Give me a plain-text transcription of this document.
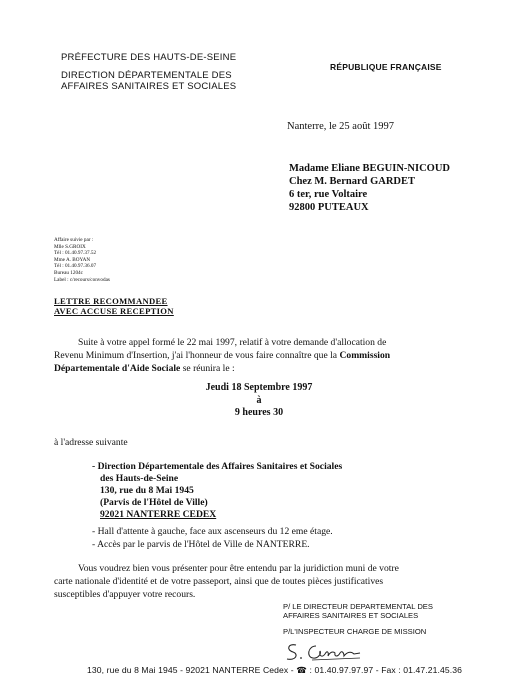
PRÉFECTURE DES HAUTS-DE-SEINE
DIRECTION DÉPARTEMENTALE DES
AFFAIRES SANITAIRES ET SOCIALES
RÉPUBLIQUE FRANÇAISE
Nanterre, le 25 août 1997
Madame Eliane BEGUIN-NICOUD
Chez M. Bernard GARDET
6 ter, rue Voltaire
92800 PUTEAUX
Affaire suivie par :
Mlle S.GROIX
Tél : 01.40.97.37.52
Mme A. BOYAN
Tél : 01.40.97.36.07
Bureau 1204c
Label : c/recours/convodas
LETTRE RECOMMANDEE
AVEC ACCUSE RECEPTION
Suite à votre appel formé le 22 mai 1997, relatif à votre demande d'allocation de
Revenu Minimum d'Insertion, j'ai l'honneur de vous faire connaître que la Commission
Départementale d'Aide Sociale se réunira le :
Jeudi 18 Septembre 1997
à
9 heures 30
à l'adresse suivante
- Direction Départementale des Affaires Sanitaires et Sociales
des Hauts-de-Seine
130, rue du 8 Mai 1945
(Parvis de l'Hôtel de Ville)
92021 NANTERRE CEDEX
- Hall d'attente à gauche, face aux ascenseurs du 12 eme étage.
- Accès par le parvis de l'Hôtel de Ville de NANTERRE.
Vous voudrez bien vous présenter pour être entendu par la juridiction muni de votre
carte nationale d'identité et de votre passeport, ainsi que de toutes pièces justificatives
susceptibles d'appuyer votre recours.
P/ LE DIRECTEUR DEPARTEMENTAL DES
AFFAIRES SANITAIRES ET SOCIALES
P/L'INSPECTEUR CHARGE DE MISSION
130, rue du 8 Mai 1945 - 92021 NANTERRE Cedex - ☎ : 01.40.97.97.97 - Fax : 01.47.21.45.36
